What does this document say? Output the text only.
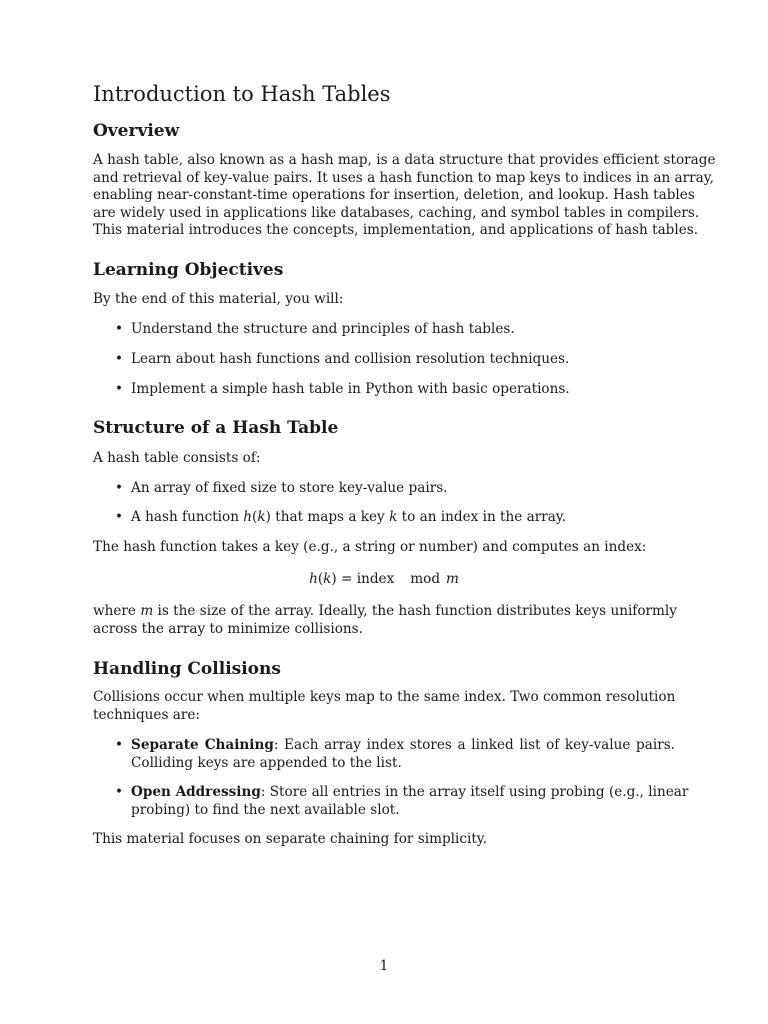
Introduction to Hash Tables
Overview
A hash table, also known as a hash map, is a data structure that provides efficient storage
and retrieval of key-value pairs. It uses a hash function to map keys to indices in an array,
enabling near-constant-time operations for insertion, deletion, and lookup. Hash tables
are widely used in applications like databases, caching, and symbol tables in compilers.
This material introduces the concepts, implementation, and applications of hash tables.
Learning Objectives

By the end of this material, you will:

• Understand the structure and principles of hash tables.
• Learn about hash functions and collision resolution techniques.
• Implement a simple hash table in Python with basic operations.
Structure of a Hash Table

A hash table consists of:

• An array of fixed size to store key-value pairs.
• A hash function h(k) that maps a key k to an index in the array.

The hash function takes a key (e.g., a string or number) and computes an index:

h(k) = index mod m
where m is the size of the array. Ideally, the hash function distributes keys uniformly
across the array to minimize collisions.
Handling Collisions
Collisions occur when multiple keys map to the same index. Two common resolution
techniques are:
• Separate Chaining: Each array index stores a linked list of key-value pairs.
Colliding keys are appended to the list.
• Open Addressing: Store all entries in the array itself using probing (e.g., linear
probing) to find the next available slot.

This material focuses on separate chaining for simplicity.

1
